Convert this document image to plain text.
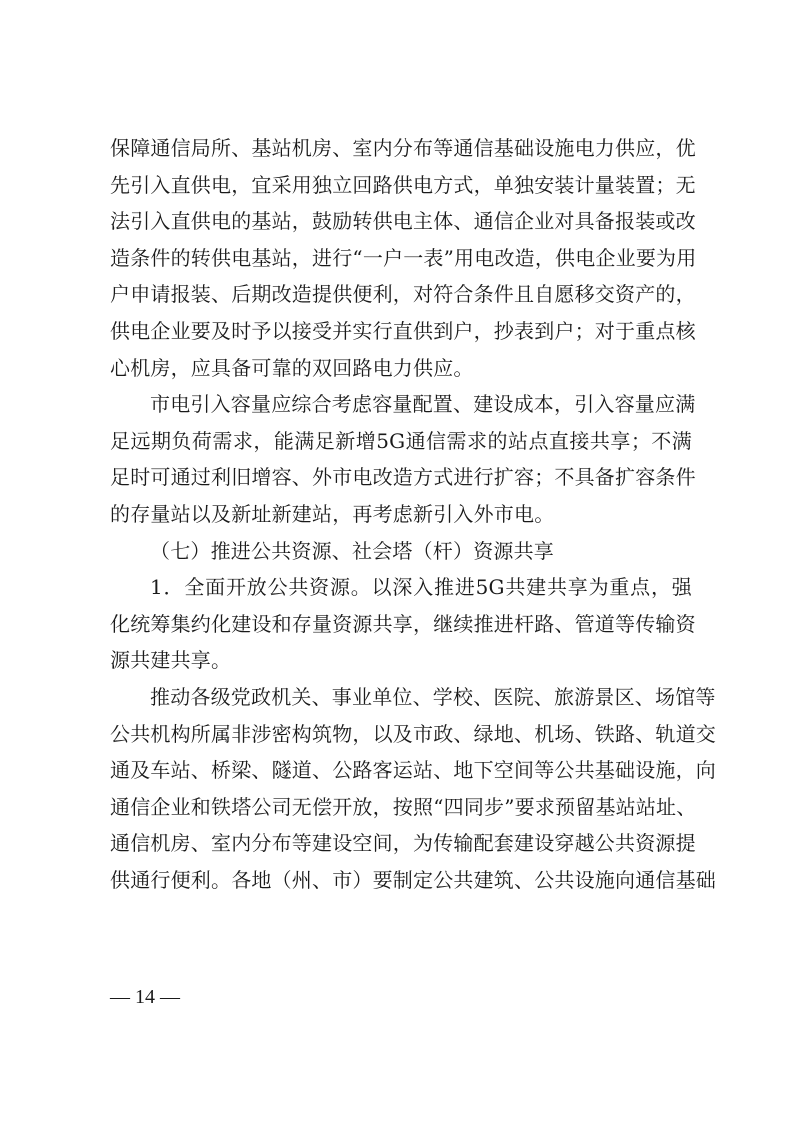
保障通信局所、基站机房、室内分布等通信基础设施电力供应，优
先引入直供电，宜采用独立回路供电方式，单独安装计量装置；无
法引入直供电的基站，鼓励转供电主体、通信企业对具备报装或改
造条件的转供电基站，进行“一户一表”用电改造，供电企业要为用
户申请报装、后期改造提供便利，对符合条件且自愿移交资产的，
供电企业要及时予以接受并实行直供到户，抄表到户；对于重点核
心机房，应具备可靠的双回路电力供应。
市电引入容量应综合考虑容量配置、建设成本，引入容量应满
足远期负荷需求，能满足新增5G通信需求的站点直接共享；不满
足时可通过利旧增容、外市电改造方式进行扩容；不具备扩容条件
的存量站以及新址新建站，再考虑新引入外市电。
（七）推进公共资源、社会塔（杆）资源共享
1．全面开放公共资源。以深入推进5G共建共享为重点，强
化统筹集约化建设和存量资源共享，继续推进杆路、管道等传输资
源共建共享。
推动各级党政机关、事业单位、学校、医院、旅游景区、场馆等
公共机构所属非涉密构筑物，以及市政、绿地、机场、铁路、轨道交
通及车站、桥梁、隧道、公路客运站、地下空间等公共基础设施，向
通信企业和铁塔公司无偿开放，按照“四同步”要求预留基站站址、
通信机房、室内分布等建设空间，为传输配套建设穿越公共资源提
供通行便利。各地（州、市）要制定公共建筑、公共设施向通信基础
— 14 —
